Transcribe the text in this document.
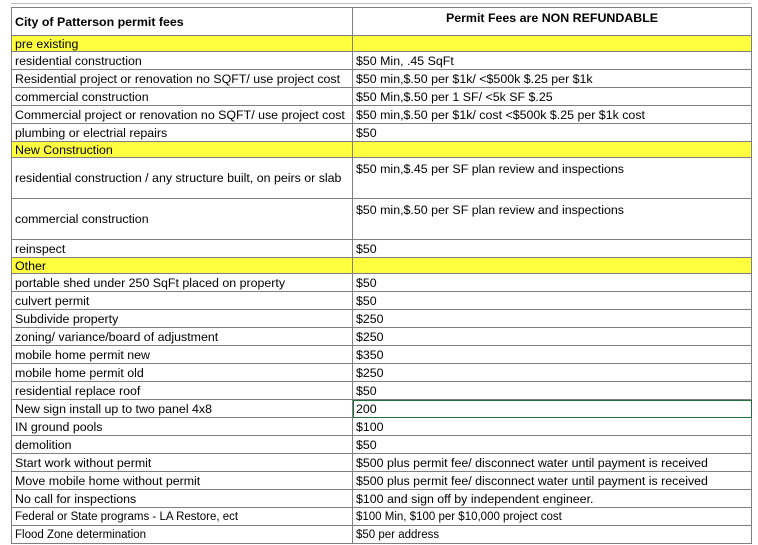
City of Patterson permit fees	Permit Fees are NON REFUNDABLE
pre existing	
residential construction	$50 Min, .45 SqFt
Residential project or renovation no SQFT/ use project cost	$50 min,$.50 per $1k/ <$500k $.25 per $1k
commercial construction	$50 Min,$.50 per 1 SF/ <5k SF $.25
Commercial project or renovation no SQFT/ use project cost	$50 min,$.50 per $1k/ cost <$500k $.25 per $1k cost
plumbing or electrial repairs	$50
New Construction	
residential construction / any structure built, on peirs or slab	$50 min,$.45 per SF plan review and inspections
commercial construction	$50 min,$.50 per SF plan review and inspections
reinspect	$50
Other	
portable shed under 250 SqFt placed on property	$50
culvert permit	$50
Subdivide property	$250
zoning/ variance/board of adjustment	$250
mobile home permit new	$350
mobile home permit old	$250
residential replace roof	$50
New sign install up to two panel 4x8	200
IN ground pools	$100
demolition	$50
Start work without permit	$500 plus permit fee/ disconnect water until payment is received
Move mobile home without permit	$500 plus permit fee/ disconnect water until payment is received
No call for inspections	$100 and sign off by independent engineer.
Federal or State programs - LA Restore, ect	$100 Min, $100 per $10,000 project cost
Flood Zone determination	$50 per address
